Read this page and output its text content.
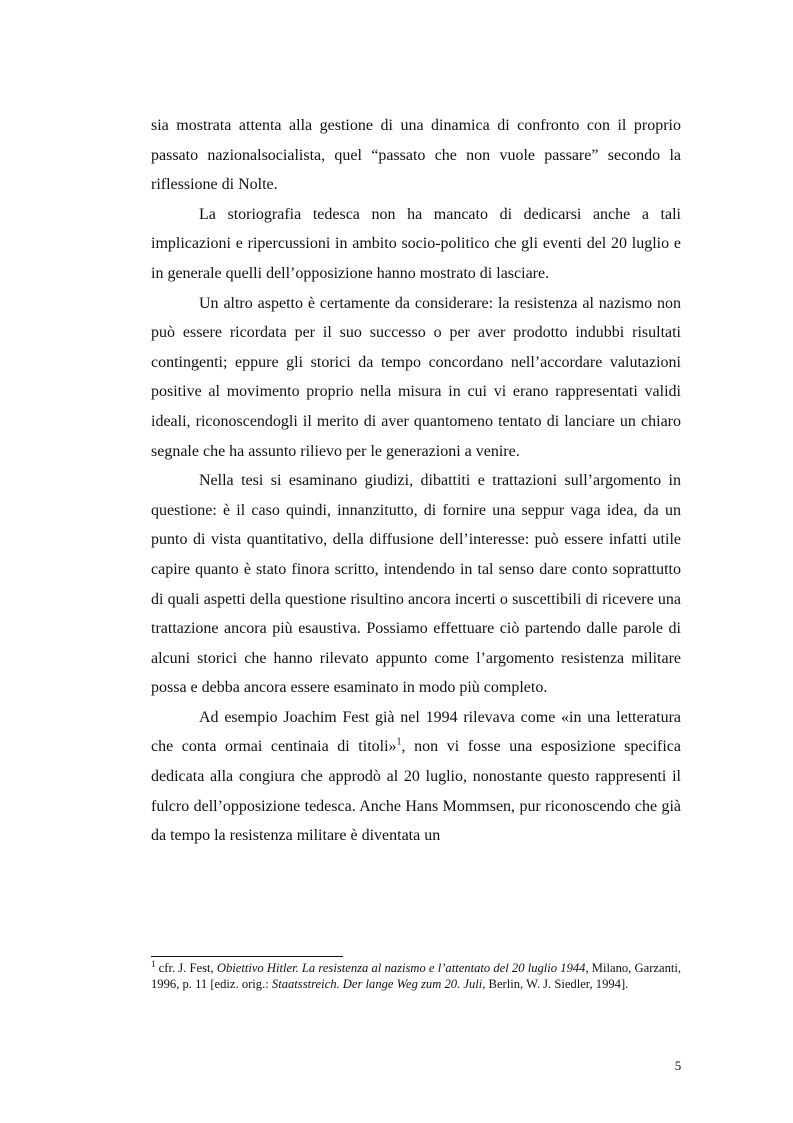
sia mostrata attenta alla gestione di una dinamica di confronto con il proprio passato nazionalsocialista, quel “passato che non vuole passare” secondo la riflessione di Nolte.

La storiografia tedesca non ha mancato di dedicarsi anche a tali implicazioni e ripercussioni in ambito socio-politico che gli eventi del 20 luglio e in generale quelli dell’opposizione hanno mostrato di lasciare.

Un altro aspetto è certamente da considerare: la resistenza al nazismo non può essere ricordata per il suo successo o per aver prodotto indubbi risultati contingenti; eppure gli storici da tempo concordano nell’accordare valutazioni positive al movimento proprio nella misura in cui vi erano rappresentati validi ideali, riconoscendogli il merito di aver quantomeno tentato di lanciare un chiaro segnale che ha assunto rilievo per le generazioni a venire.

Nella tesi si esaminano giudizi, dibattiti e trattazioni sull’argomento in questione: è il caso quindi, innanzitutto, di fornire una seppur vaga idea, da un punto di vista quantitativo, della diffusione dell’interesse: può essere infatti utile capire quanto è stato finora scritto, intendendo in tal senso dare conto soprattutto di quali aspetti della questione risultino ancora incerti o suscettibili di ricevere una trattazione ancora più esaustiva. Possiamo effettuare ciò partendo dalle parole di alcuni storici che hanno rilevato appunto come l’argomento resistenza militare possa e debba ancora essere esaminato in modo più completo.

Ad esempio Joachim Fest già nel 1994 rilevava come «in una letteratura che conta ormai centinaia di titoli»$^1$, non vi fosse una esposizione specifica dedicata alla congiura che approdò al 20 luglio, nonostante questo rappresenti il fulcro dell’opposizione tedesca. Anche Hans Mommsen, pur riconoscendo che già da tempo la resistenza militare è diventata un

$^1$ cfr. J. Fest, Obiettivo Hitler. La resistenza al nazismo e l’attentato del 20 luglio 1944, Milano, Garzanti, 1996, p. 11 [ediz. orig.: Staatsstreich. Der lange Weg zum 20. Juli, Berlin, W. J. Siedler, 1994].

5
